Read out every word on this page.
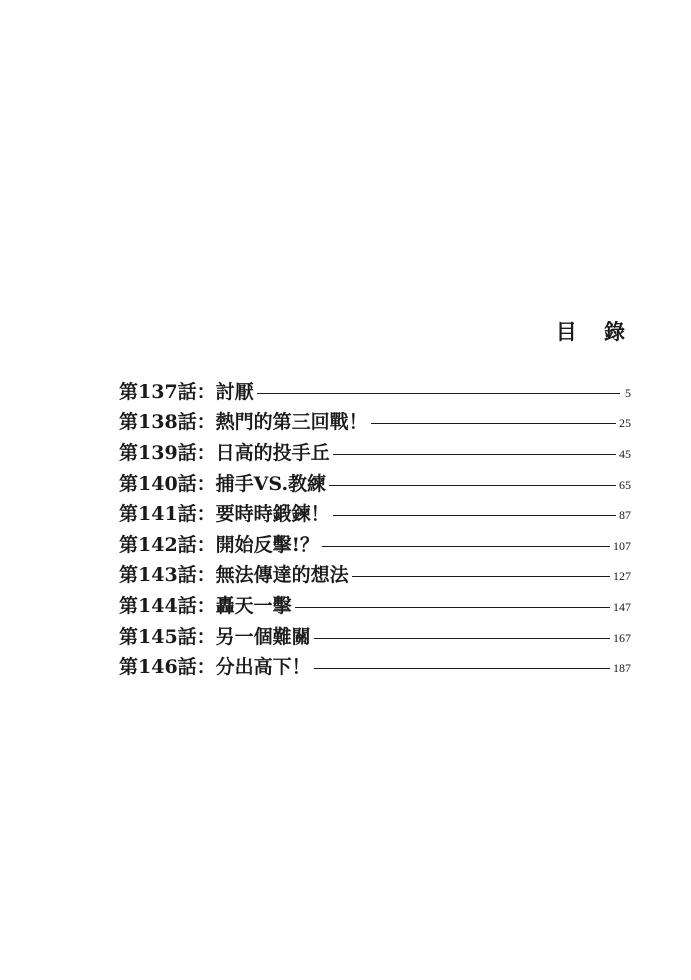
目 錄
第137話：討厭	5
第138話：熱門的第三回戰！	25
第139話：日高的投手丘	45
第140話：捕手VS.教練	65
第141話：要時時鍛鍊！	87
第142話：開始反擊!？	107
第143話：無法傳達的想法	127
第144話：轟天一擊	147
第145話：另一個難關	167
第146話：分出高下！	187
